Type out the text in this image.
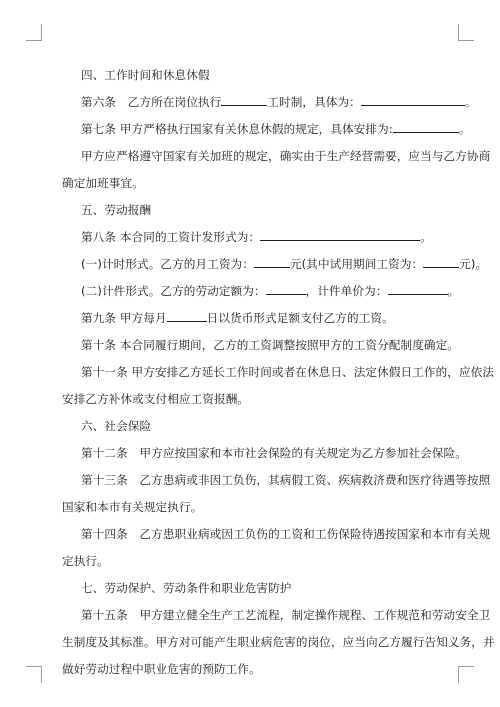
四、工作时间和休息休假
第六条　乙方所在岗位执行	工时制，具体为：	。
第七条 甲方严格执行国家有关休息休假的规定，具体安排为:	。
甲方应严格遵守国家有关加班的规定，确实由于生产经营需要，应当与乙方协商
确定加班事宜。
五、劳动报酬
第八条 本合同的工资计发形式为：	。
(一)计时形式。乙方的月工资为：	元(其中试用期间工资为：	元)。
(二)计件形式。乙方的劳动定额为：	，计件单价为：	。
第九条 甲方每月	日以货币形式足额支付乙方的工资。
第十条 本合同履行期间，乙方的工资调整按照甲方的工资分配制度确定。
第十一条 甲方安排乙方延长工作时间或者在休息日、法定休假日工作的，应依法
安排乙方补休或支付相应工资报酬。
六、社会保险
第十二条　甲方应按国家和本市社会保险的有关规定为乙方参加社会保险。
第十三条　乙方患病或非因工负伤，其病假工资、疾病救济费和医疗待遇等按照
国家和本市有关规定执行。
第十四条　乙方患职业病或因工负伤的工资和工伤保险待遇按国家和本市有关规
定执行。
七、劳动保护、劳动条件和职业危害防护
第十五条　甲方建立健全生产工艺流程，制定操作规程、工作规范和劳动安全卫
生制度及其标准。甲方对可能产生职业病危害的岗位，应当向乙方履行告知义务，并
做好劳动过程中职业危害的预防工作。
